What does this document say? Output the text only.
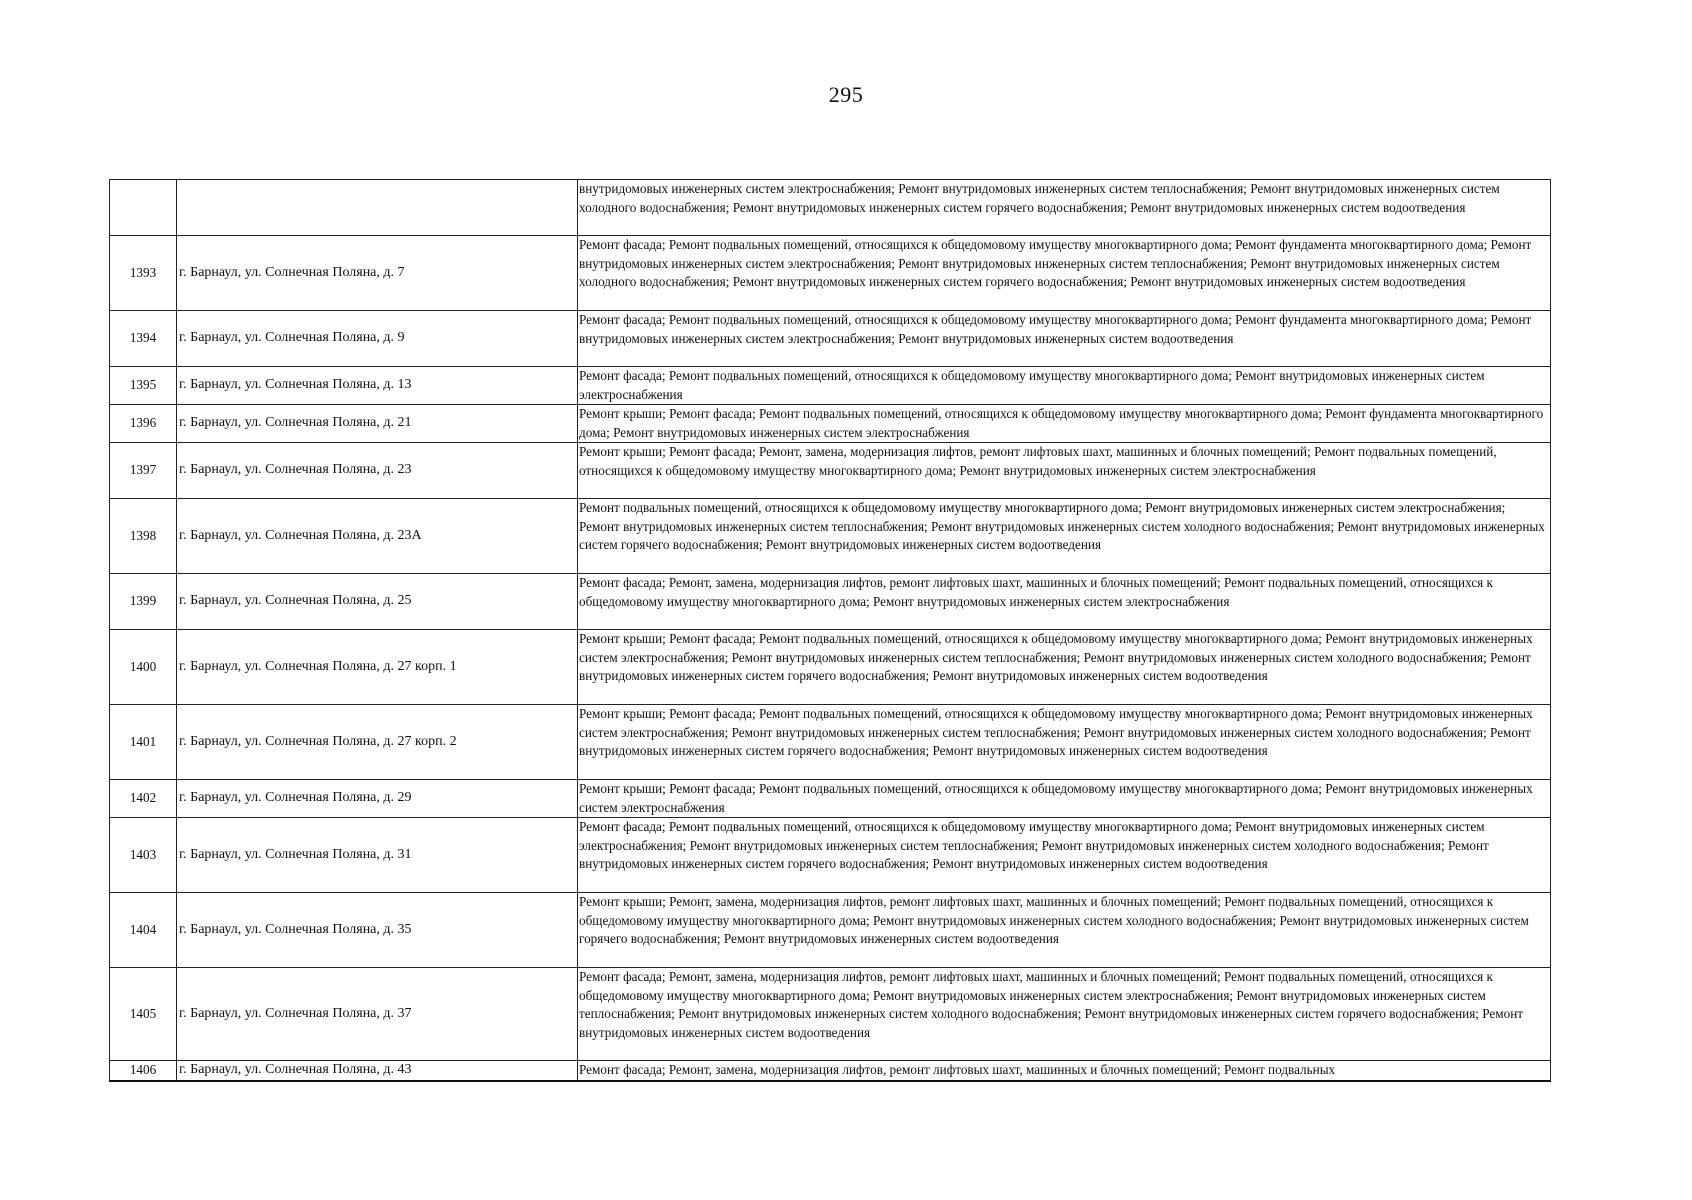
295
		внутридомовых инженерных систем электроснабжения; Ремонт внутридомовых инженерных систем теплоснабжения; Ремонт внутридомовых инженерных систем холодного водоснабжения; Ремонт внутридомовых инженерных систем горячего водоснабжения; Ремонт внутридомовых инженерных систем водоотведения
1393	г. Барнаул, ул. Солнечная Поляна, д. 7	Ремонт фасада; Ремонт подвальных помещений, относящихся к общедомовому имуществу многоквартирного дома; Ремонт фундамента многоквартирного дома; Ремонт внутридомовых инженерных систем электроснабжения; Ремонт внутридомовых инженерных систем теплоснабжения; Ремонт внутридомовых инженерных систем холодного водоснабжения; Ремонт внутридомовых инженерных систем горячего водоснабжения; Ремонт внутридомовых инженерных систем водоотведения
1394	г. Барнаул, ул. Солнечная Поляна, д. 9	Ремонт фасада; Ремонт подвальных помещений, относящихся к общедомовому имуществу многоквартирного дома; Ремонт фундамента многоквартирного дома; Ремонт внутридомовых инженерных систем электроснабжения; Ремонт внутридомовых инженерных систем водоотведения
1395	г. Барнаул, ул. Солнечная Поляна, д. 13	Ремонт фасада; Ремонт подвальных помещений, относящихся к общедомовому имуществу многоквартирного дома; Ремонт внутридомовых инженерных систем электроснабжения
1396	г. Барнаул, ул. Солнечная Поляна, д. 21	Ремонт крыши; Ремонт фасада; Ремонт подвальных помещений, относящихся к общедомовому имуществу многоквартирного дома; Ремонт фундамента многоквартирного дома; Ремонт внутридомовых инженерных систем электроснабжения
1397	г. Барнаул, ул. Солнечная Поляна, д. 23	Ремонт крыши; Ремонт фасада; Ремонт, замена, модернизация лифтов, ремонт лифтовых шахт, машинных и блочных помещений; Ремонт подвальных помещений, относящихся к общедомовому имуществу многоквартирного дома; Ремонт внутридомовых инженерных систем электроснабжения
1398	г. Барнаул, ул. Солнечная Поляна, д. 23А	Ремонт подвальных помещений, относящихся к общедомовому имуществу многоквартирного дома; Ремонт внутридомовых инженерных систем электроснабжения; Ремонт внутридомовых инженерных систем теплоснабжения; Ремонт внутридомовых инженерных систем холодного водоснабжения; Ремонт внутридомовых инженерных систем горячего водоснабжения; Ремонт внутридомовых инженерных систем водоотведения
1399	г. Барнаул, ул. Солнечная Поляна, д. 25	Ремонт фасада; Ремонт, замена, модернизация лифтов, ремонт лифтовых шахт, машинных и блочных помещений; Ремонт подвальных помещений, относящихся к общедомовому имуществу многоквартирного дома; Ремонт внутридомовых инженерных систем электроснабжения
1400	г. Барнаул, ул. Солнечная Поляна, д. 27 корп. 1	Ремонт крыши; Ремонт фасада; Ремонт подвальных помещений, относящихся к общедомовому имуществу многоквартирного дома; Ремонт внутридомовых инженерных систем электроснабжения; Ремонт внутридомовых инженерных систем теплоснабжения; Ремонт внутридомовых инженерных систем холодного водоснабжения; Ремонт внутридомовых инженерных систем горячего водоснабжения; Ремонт внутридомовых инженерных систем водоотведения
1401	г. Барнаул, ул. Солнечная Поляна, д. 27 корп. 2	Ремонт крыши; Ремонт фасада; Ремонт подвальных помещений, относящихся к общедомовому имуществу многоквартирного дома; Ремонт внутридомовых инженерных систем электроснабжения; Ремонт внутридомовых инженерных систем теплоснабжения; Ремонт внутридомовых инженерных систем холодного водоснабжения; Ремонт внутридомовых инженерных систем горячего водоснабжения; Ремонт внутридомовых инженерных систем водоотведения
1402	г. Барнаул, ул. Солнечная Поляна, д. 29	Ремонт крыши; Ремонт фасада; Ремонт подвальных помещений, относящихся к общедомовому имуществу многоквартирного дома; Ремонт внутридомовых инженерных систем электроснабжения
1403	г. Барнаул, ул. Солнечная Поляна, д. 31	Ремонт фасада; Ремонт подвальных помещений, относящихся к общедомовому имуществу многоквартирного дома; Ремонт внутридомовых инженерных систем электроснабжения; Ремонт внутридомовых инженерных систем теплоснабжения; Ремонт внутридомовых инженерных систем холодного водоснабжения; Ремонт внутридомовых инженерных систем горячего водоснабжения; Ремонт внутридомовых инженерных систем водоотведения
1404	г. Барнаул, ул. Солнечная Поляна, д. 35	Ремонт крыши; Ремонт, замена, модернизация лифтов, ремонт лифтовых шахт, машинных и блочных помещений; Ремонт подвальных помещений, относящихся к общедомовому имуществу многоквартирного дома; Ремонт внутридомовых инженерных систем холодного водоснабжения; Ремонт внутридомовых инженерных систем горячего водоснабжения; Ремонт внутридомовых инженерных систем водоотведения
1405	г. Барнаул, ул. Солнечная Поляна, д. 37	Ремонт фасада; Ремонт, замена, модернизация лифтов, ремонт лифтовых шахт, машинных и блочных помещений; Ремонт подвальных помещений, относящихся к общедомовому имуществу многоквартирного дома; Ремонт внутридомовых инженерных систем электроснабжения; Ремонт внутридомовых инженерных систем теплоснабжения; Ремонт внутридомовых инженерных систем холодного водоснабжения; Ремонт внутридомовых инженерных систем горячего водоснабжения; Ремонт внутридомовых инженерных систем водоотведения
1406	г. Барнаул, ул. Солнечная Поляна, д. 43	Ремонт фасада; Ремонт, замена, модернизация лифтов, ремонт лифтовых шахт, машинных и блочных помещений; Ремонт подвальных
